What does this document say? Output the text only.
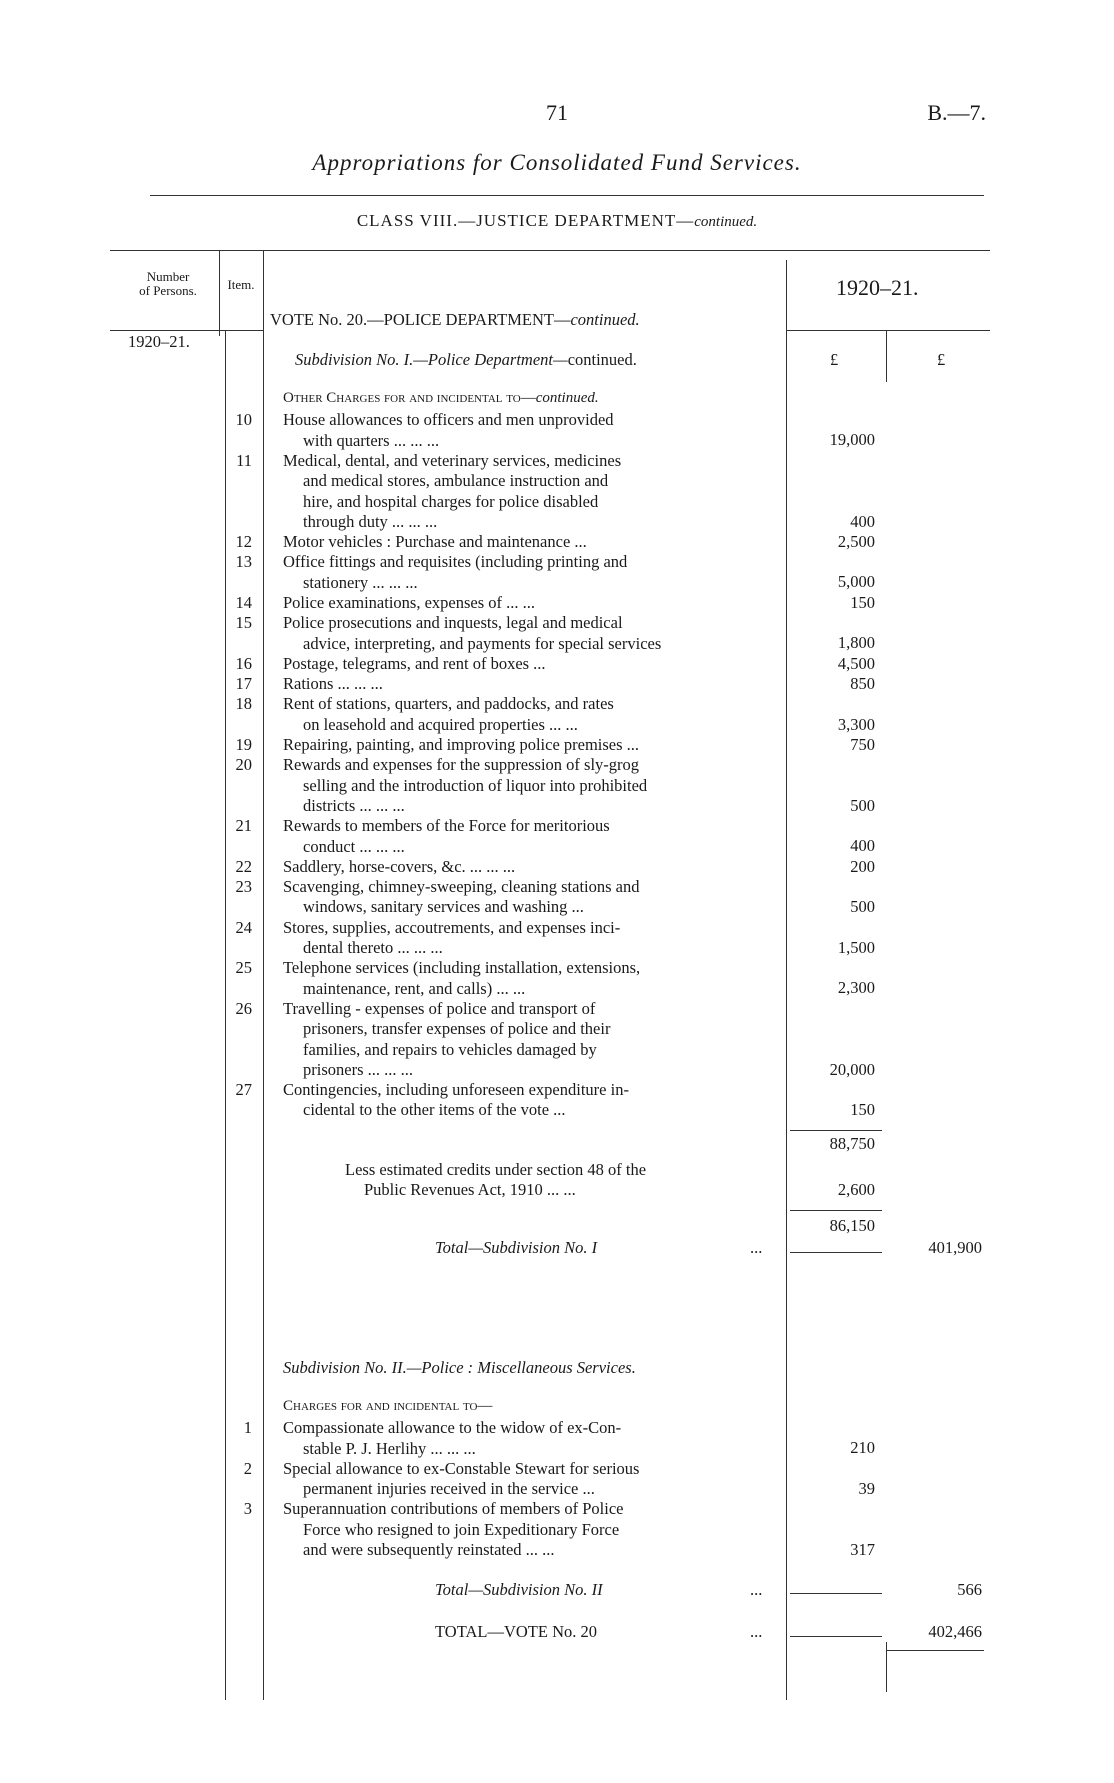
71	B.—7.
Appropriations for Consolidated Fund Services.
CLASS VIII.—JUSTICE DEPARTMENT—continued.
Number
of Persons.	Item.	1920–21.
1920–21.
VOTE No. 20.—POLICE DEPARTMENT—continued.
Subdivision No. I.—Police Department—continued.	£	£
Other Charges for and incidental to—continued.
10 House allowances to officers and men unprovided
with quarters ... ... ...	19,000
11 Medical, dental, and veterinary services, medicines
and medical stores, ambulance instruction and
hire, and hospital charges for police disabled
through duty ... ... ...	400
12 Motor vehicles : Purchase and maintenance ...	2,500
13 Office fittings and requisites (including printing and
stationery ... ... ...	5,000
14 Police examinations, expenses of ... ...	150
15 Police prosecutions and inquests, legal and medical
advice, interpreting, and payments for special services	1,800
16 Postage, telegrams, and rent of boxes ...	4,500
17 Rations ... ... ...	850
18 Rent of stations, quarters, and paddocks, and rates
on leasehold and acquired properties ... ...	3,300
19 Repairing, painting, and improving police premises ...	750
20 Rewards and expenses for the suppression of sly-grog
selling and the introduction of liquor into prohibited
districts ... ... ...	500
21 Rewards to members of the Force for meritorious
conduct ... ... ...	400
22 Saddlery, horse-covers, &c. ... ... ...	200
23 Scavenging, chimney-sweeping, cleaning stations and
windows, sanitary services and washing ...	500
24 Stores, supplies, accoutrements, and expenses inci-
dental thereto ... ... ...	1,500
25 Telephone services (including installation, extensions,
maintenance, rent, and calls) ... ...	2,300
26 Travelling - expenses of police and transport of
prisoners, transfer expenses of police and their
families, and repairs to vehicles damaged by
prisoners ... ... ...	20,000
27 Contingencies, including unforeseen expenditure in-
cidental to the other items of the vote ...	150
88,750
Less estimated credits under section 48 of the
Public Revenues Act, 1910 ... ...	2,600
86,150
Total—Subdivision No. I	...	401,900
Subdivision No. II.—Police : Miscellaneous Services.
Charges for and incidental to—
1 Compassionate allowance to the widow of ex-Con-
stable P. J. Herlihy ... ... ...	210
2 Special allowance to ex-Constable Stewart for serious
permanent injuries received in the service ...	39
3 Superannuation contributions of members of Police
Force who resigned to join Expeditionary Force
and were subsequently reinstated ... ...	317
Total—Subdivision No. II	...	566
TOTAL—VOTE No. 20	...	402,466
